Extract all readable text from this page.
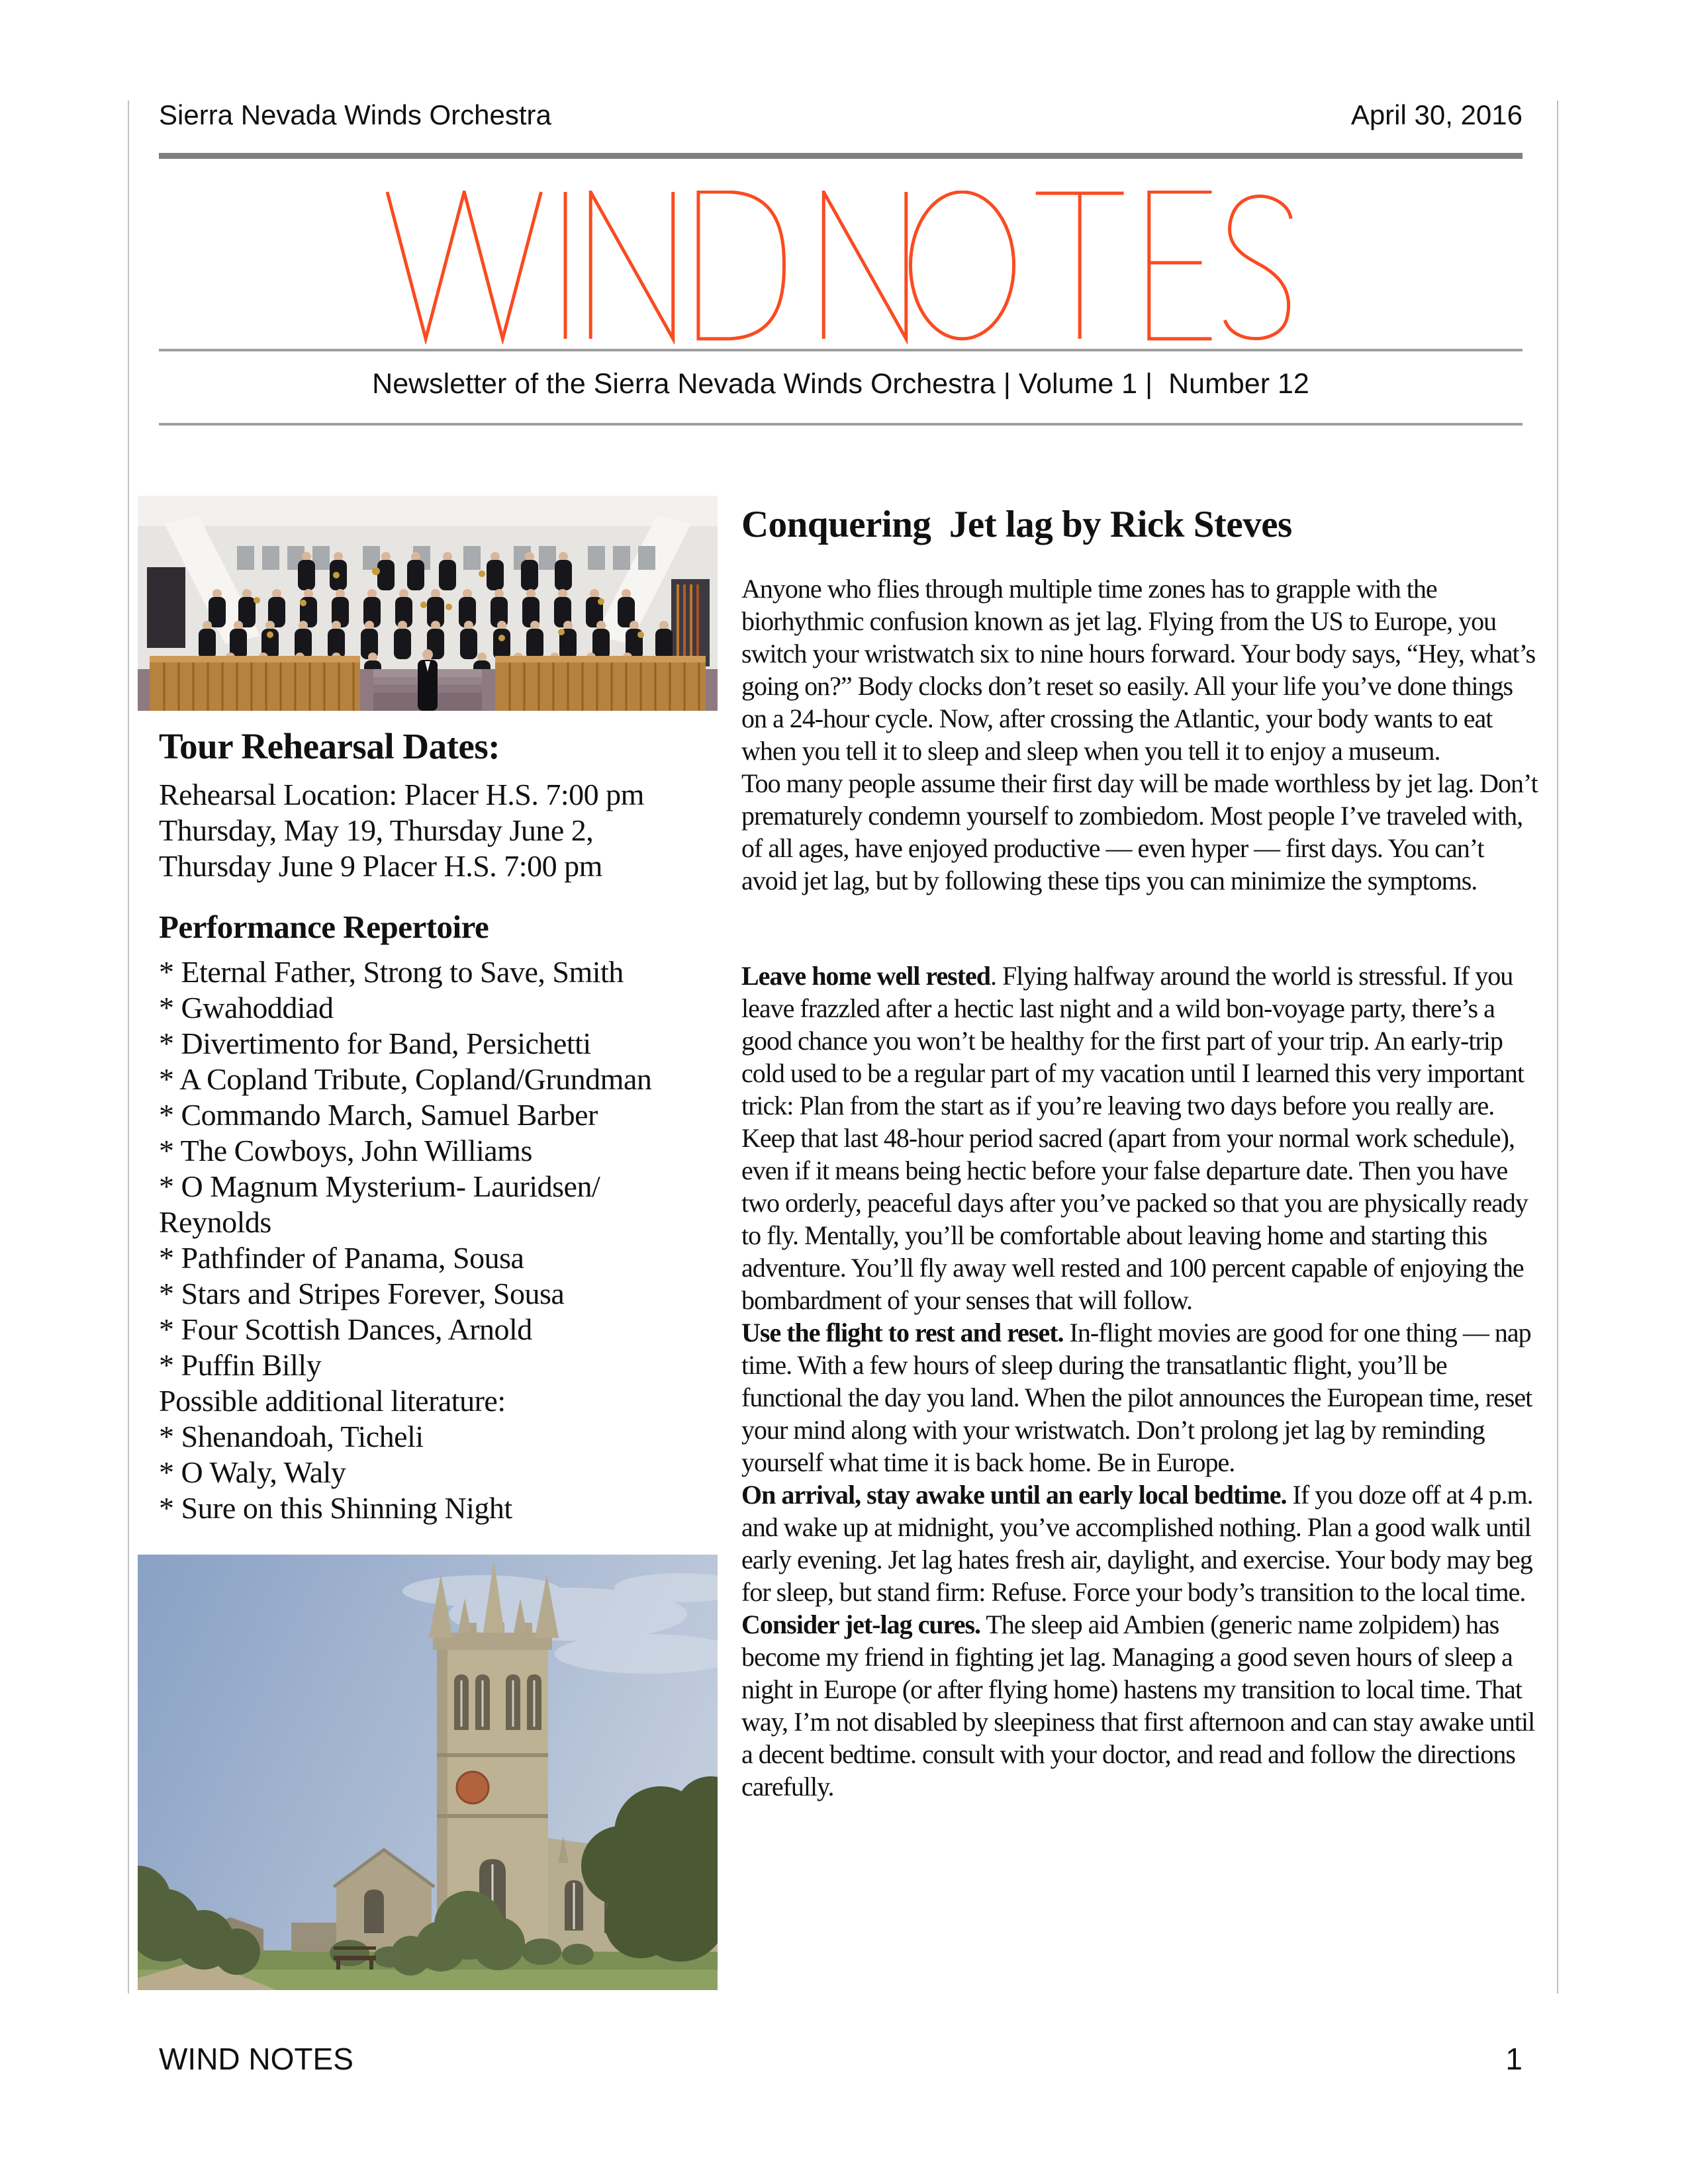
Sierra Nevada Winds Orchestra	April 30, 2016
Newsletter of the Sierra Nevada Winds Orchestra | Volume 1 |  Number 12
Tour Rehearsal Dates:
Rehearsal Location: Placer H.S. 7:00 pm
Thursday, May 19, Thursday June 2,
Thursday June 9 Placer H.S. 7:00 pm
Performance Repertoire
* Eternal Father, Strong to Save, Smith
* Gwahoddiad
* Divertimento for Band, Persichetti
* A Copland Tribute, Copland/Grundman
* Commando March, Samuel Barber
* The Cowboys, John Williams
* O Magnum Mysterium- Lauridsen/
Reynolds
* Pathfinder of Panama, Sousa
* Stars and Stripes Forever, Sousa
* Four Scottish Dances, Arnold
* Puffin Billy
Possible additional literature:
* Shenandoah, Ticheli
* O Waly, Waly
* Sure on this Shinning Night
Conquering  Jet lag by Rick Steves

Anyone who flies through multiple time zones has to grapple with the biorhythmic confusion known as jet lag. Flying from the US to Europe, you switch your wristwatch six to nine hours forward. Your body says, “Hey, what’s going on?” Body clocks don’t reset so easily. All your life you’ve done things on a 24-hour cycle. Now, after crossing the Atlantic, your body wants to eat when you tell it to sleep and sleep when you tell it to enjoy a museum.

Too many people assume their first day will be made worthless by jet lag. Don’t prematurely condemn yourself to zombiedom. Most people I’ve traveled with, of all ages, have enjoyed productive — even hyper — first days. You can’t avoid jet lag, but by following these tips you can minimize the symptoms.

Leave home well rested. Flying halfway around the world is stressful. If you leave frazzled after a hectic last night and a wild bon-voyage party, there’s a good chance you won’t be healthy for the first part of your trip. An early-trip cold used to be a regular part of my vacation until I learned this very important trick: Plan from the start as if you’re leaving two days before you really are. Keep that last 48-hour period sacred (apart from your normal work schedule), even if it means being hectic before your false departure date. Then you have two orderly, peaceful days after you’ve packed so that you are physically ready to fly. Mentally, you’ll be comfortable about leaving home and starting this adventure. You’ll fly away well rested and 100 percent capable of enjoying the bombardment of your senses that will follow.

Use the flight to rest and reset. In-flight movies are good for one thing — nap time. With a few hours of sleep during the transatlantic flight, you’ll be functional the day you land. When the pilot announces the European time, reset your mind along with your wristwatch. Don’t prolong jet lag by reminding yourself what time it is back home. Be in Europe.

On arrival, stay awake until an early local bedtime. If you doze off at 4 p.m. and wake up at midnight, you’ve accomplished nothing. Plan a good walk until early evening. Jet lag hates fresh air, daylight, and exercise. Your body may beg for sleep, but stand firm: Refuse. Force your body’s transition to the local time.

Consider jet-lag cures. The sleep aid Ambien (generic name zolpidem) has become my friend in fighting jet lag. Managing a good seven hours of sleep a night in Europe (or after flying home) hastens my transition to local time. That way, I’m not disabled by sleepiness that first afternoon and can stay awake until a decent bedtime. consult with your doctor, and read and follow the directions carefully.

WIND NOTES	1
